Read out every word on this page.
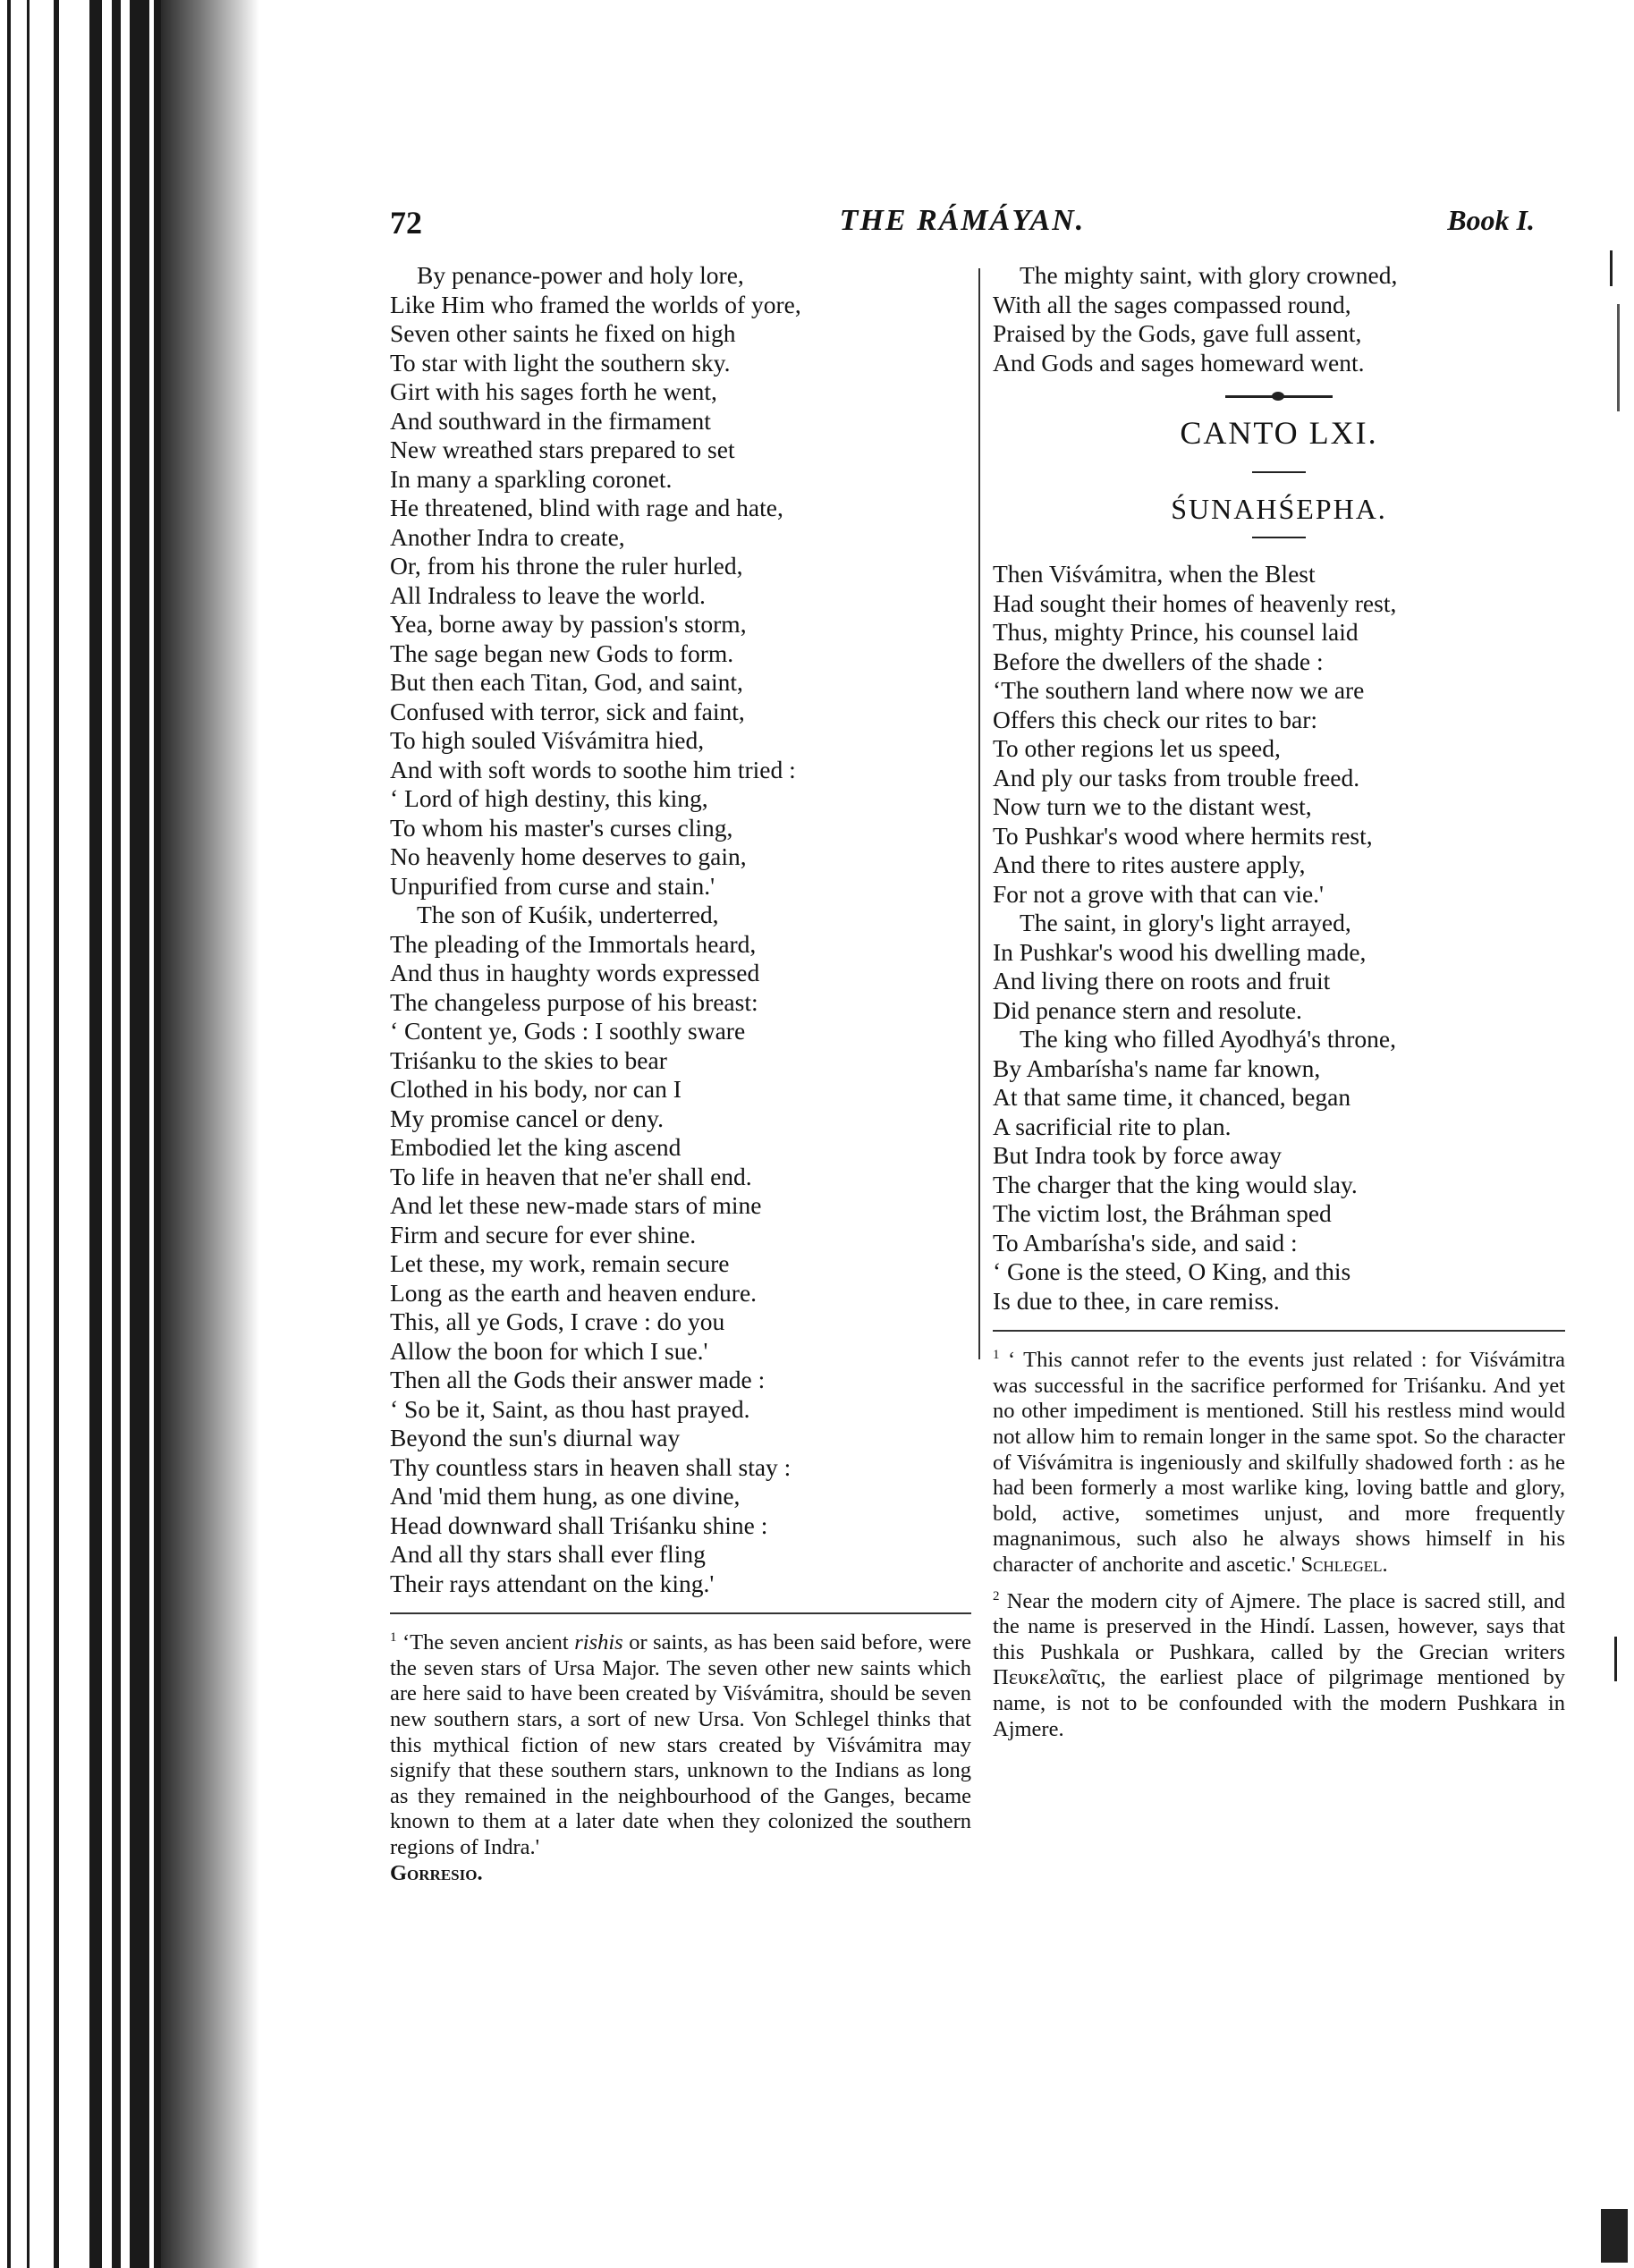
72	THE RÁMÁYAN.	Book I.
By penance-power and holy lore,
Like Him who framed the worlds of yore,
Seven other saints he fixed on high
To star with light the southern sky.
Girt with his sages forth he went,
And southward in the firmament
New wreathed stars prepared to set
In many a sparkling coronet.
He threatened, blind with rage and hate,
Another Indra to create,
Or, from his throne the ruler hurled,
All Indraless to leave the world.
Yea, borne away by passion's storm,
The sage began new Gods to form.
But then each Titan, God, and saint,
Confused with terror, sick and faint,
To high souled Viśvámitra hied,
And with soft words to soothe him tried :
‘ Lord of high destiny, this king,
To whom his master's curses cling,
No heavenly home deserves to gain,
Unpurified from curse and stain.'
The son of Kuśik, underterred,
The pleading of the Immortals heard,
And thus in haughty words expressed
The changeless purpose of his breast:
‘ Content ye, Gods : I soothly sware
Triśanku to the skies to bear
Clothed in his body, nor can I
My promise cancel or deny.
Embodied let the king ascend
To life in heaven that ne'er shall end.
And let these new-made stars of mine
Firm and secure for ever shine.
Let these, my work, remain secure
Long as the earth and heaven endure.
This, all ye Gods, I crave : do you
Allow the boon for which I sue.'
Then all the Gods their answer made :
‘ So be it, Saint, as thou hast prayed.
Beyond the sun's diurnal way
Thy countless stars in heaven shall stay :
And 'mid them hung, as one divine,
Head downward shall Triśanku shine :
And all thy stars shall ever fling
Their rays attendant on the king.'

$^1$ ‘The seven ancient rishis or saints, as has been said before, were the seven stars of Ursa Major. The seven other new saints which are here said to have been created by Viśvámitra, should be seven new southern stars, a sort of new Ursa. Von Schlegel thinks that this mythical fiction of new stars created by Viśvámitra may signify that these southern stars, unknown to the Indians as long as they remained in the neighbourhood of the Ganges, became known to them at a later date when they colonized the southern regions of Indra.'
Gorresio.

The mighty saint, with glory crowned,
With all the sages compassed round,
Praised by the Gods, gave full assent,
And Gods and sages homeward went.
CANTO LXI.
ŚUNAHŚEPHA.
Then Viśvámitra, when the Blest
Had sought their homes of heavenly rest,
Thus, mighty Prince, his counsel laid
Before the dwellers of the shade :
‘The southern land where now we are
Offers this check our rites to bar:
To other regions let us speed,
And ply our tasks from trouble freed.
Now turn we to the distant west,
To Pushkar's wood where hermits rest,
And there to rites austere apply,
For not a grove with that can vie.'
The saint, in glory's light arrayed,
In Pushkar's wood his dwelling made,
And living there on roots and fruit
Did penance stern and resolute.
The king who filled Ayodhyá's throne,
By Ambarísha's name far known,
At that same time, it chanced, began
A sacrificial rite to plan.
But Indra took by force away
The charger that the king would slay.
The victim lost, the Bráhman sped
To Ambarísha's side, and said :
‘ Gone is the steed, O King, and this
Is due to thee, in care remiss.

$^1$ ‘ This cannot refer to the events just related : for Viśvámitra was successful in the sacrifice performed for Triśanku. And yet no other impediment is mentioned. Still his restless mind would not allow him to remain longer in the same spot. So the character of Viśvámitra is ingeniously and skilfully shadowed forth : as he had been formerly a most warlike king, loving battle and glory, bold, active, sometimes unjust, and more frequently magnanimous, such also he always shows himself in his character of anchorite and ascetic.' Schlegel.

$^2$ Near the modern city of Ajmere. The place is sacred still, and the name is preserved in the Hindí. Lassen, however, says that this Pushkala or Pushkara, called by the Grecian writers Πευκελαῖτις, the earliest place of pilgrimage mentioned by name, is not to be confounded with the modern Pushkara in Ajmere.
